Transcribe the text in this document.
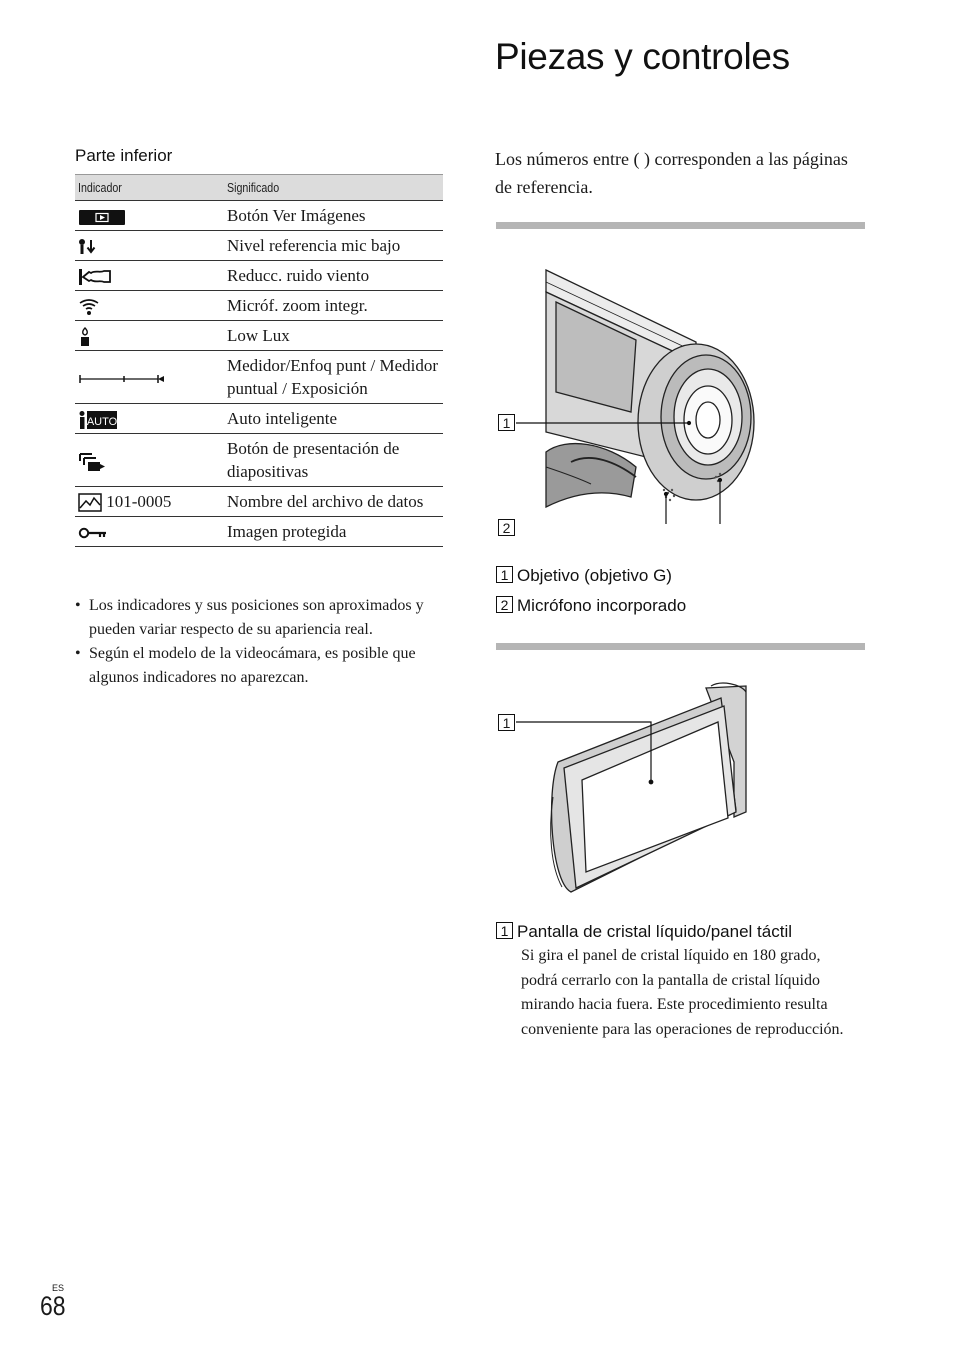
Piezas y controles
Parte inferior
Indicador	Significado
	Botón Ver Imágenes
	Nivel referencia mic bajo
	Reducc. ruido viento
	Micróf. zoom integr.
	Low Lux
	Medidor/Enfoq punt / Medidor puntual / Exposición

AUTO	Auto inteligente
	Botón de presentación de diapositivas
101-0005	Nombre del archivo de datos
	Imagen protegida
• Los indicadores y sus posiciones son aproximados y pueden variar respecto de su apariencia real.
• Según el modelo de la videocámara, es posible que algunos indicadores no aparezcan.

Los números entre ( ) corresponden a las páginas de referencia.

1
2
1 Objetivo (objetivo G)
2 Micrófono incorporado
1
1 Pantalla de cristal líquido/panel táctil

Si gira el panel de cristal líquido en 180 grado, podrá cerrarlo con la pantalla de cristal líquido mirando hacia fuera. Este procedimiento resulta conveniente para las operaciones de reproducción.

ES
68
